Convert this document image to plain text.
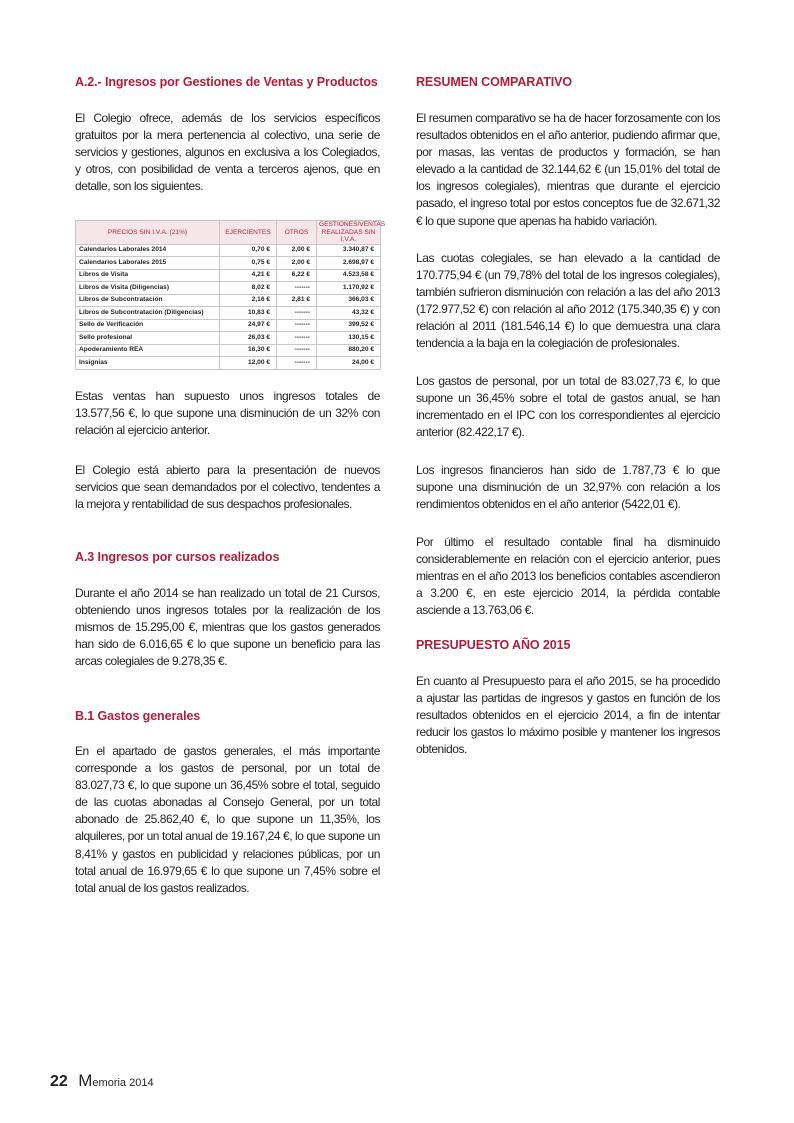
A.2.- Ingresos por Gestiones de Ventas y Productos

El Colegio ofrece, además de los servicios específicos gratuitos por la mera pertenencia al colectivo, una serie de servicios y gestiones, algunos en exclusiva a los Colegiados, y otros, con posibilidad de venta a terceros ajenos, que en detalle, son los siguientes.

PRECIOS SIN I.V.A. (21%)	EJERCIENTES	OTROS	GESTIONES/VENTAS REALIZADAS SIN I.V.A.
Calendarios Laborales 2014	0,70 €	2,00 €	3.340,87 €
Calendarios Laborales 2015	0,75 €	2,00 €	2.698,97 €
Libros de Visita	4,21 €	6,22 €	4.523,58 €
Libros de Visita (Diligencias)	8,02 €	-------	1.170,92 €
Libros de Subcontratación	2,16 €	2,81 €	366,03 €
Libros de Subcontratación (Diligencias)	10,83 €	-------	43,32 €
Sello de Verificación	24,97 €	-------	399,52 €
Sello profesional	26,03 €	-------	130,15 €
Apoderamiento REA	16,30 €	-------	880,20 €
Insignias	12,00 €	-------	24,00 €

Estas ventas han supuesto unos ingresos totales de 13.577,56 €, lo que supone una disminución de un 32% con relación al ejercicio anterior.

El Colegio está abierto para la presentación de nuevos servicios que sean demandados por el colectivo, tendentes a la mejora y rentabilidad de sus despachos profesionales.

A.3 Ingresos por cursos realizados

Durante el año 2014 se han realizado un total de 21 Cursos, obteniendo unos ingresos totales por la realización de los mismos de 15.295,00 €, mientras que los gastos generados han sido de 6.016,65 € lo que supone un beneficio para las arcas colegiales de 9.278,35 €.

B.1 Gastos generales

En el apartado de gastos generales, el más importante corresponde a los gastos de personal, por un total de 83.027,73 €, lo que supone un 36,45% sobre el total, seguido de las cuotas abonadas al Consejo General, por un total abonado de 25.862,40 €, lo que supone un 11,35%, los alquileres, por un total anual de 19.167,24 €, lo que supone un 8,41% y gastos en publicidad y relaciones públicas, por un total anual de 16.979,65 € lo que supone un 7,45% sobre el total anual de los gastos realizados.

RESUMEN COMPARATIVO

El resumen comparativo se ha de hacer forzosamente con los resultados obtenidos en el año anterior, pudiendo afirmar que, por masas, las ventas de productos y formación, se han elevado a la cantidad de 32.144,62 € (un 15,01% del total de los ingresos colegiales), mientras que durante el ejercicio pasado, el ingreso total por estos conceptos fue de 32.671,32 € lo que supone que apenas ha habido variación.

Las cuotas colegiales, se han elevado a la cantidad de 170.775,94 € (un 79,78% del total de los ingresos colegiales), también sufrieron disminución con relación a las del año 2013 (172.977,52 €) con relación al año 2012 (175.340,35 €) y con relación al 2011 (181.546,14 €) lo que demuestra una clara tendencia a la baja en la colegiación de profesionales.

Los gastos de personal, por un total de 83.027,73 €, lo que supone un 36,45% sobre el total de gastos anual, se han incrementado en el IPC con los correspondientes al ejercicio anterior (82.422,17 €).

Los ingresos financieros han sido de 1.787,73 € lo que supone una disminución de un 32,97% con relación a los rendimientos obtenidos en el año anterior (5422,01 €).

Por último el resultado contable final ha disminuido considerablemente en relación con el ejercicio anterior, pues mientras en el año 2013 los beneficios contables ascendieron a 3.200 €, en este ejercicio 2014, la pérdida contable asciende a 13.763,06 €.

PRESUPUESTO AÑO 2015

En cuanto al Presupuesto para el año 2015, se ha procedido a ajustar las partidas de ingresos y gastos en función de los resultados obtenidos en el ejercicio 2014, a fin de intentar reducir los gastos lo máximo posible y mantener los ingresos obtenidos.

22 Memoria 2014
